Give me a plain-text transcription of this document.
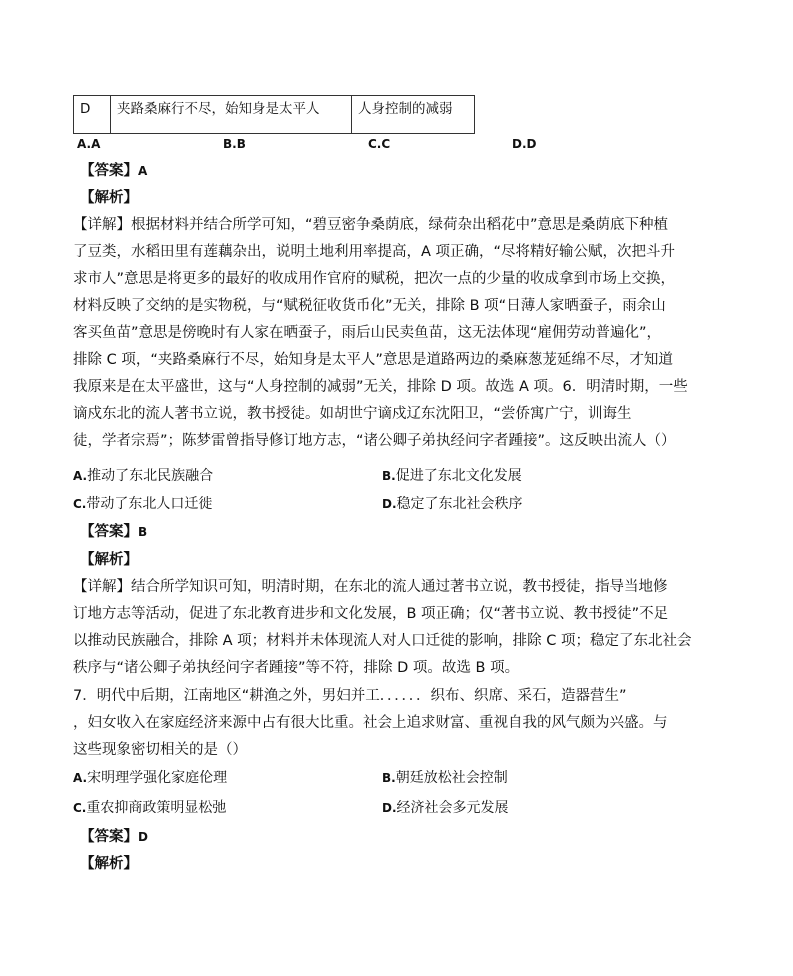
D	夹路桑麻行不尽，始知身是太平人	人身控制的减弱
A.A	B.B	C.C	D.D
【答案】A
【解析】
【详解】根据材料并结合所学可知，“碧豆密争桑荫底，绿荷杂出稻花中”意思是桑荫底下种植
了豆类，水稻田里有莲藕杂出，说明土地利用率提高，A 项正确，“尽将精好输公赋，次把斗升
求市人”意思是将更多的最好的收成用作官府的赋税，把次一点的少量的收成拿到市场上交换，
材料反映了交纳的是实物税，与“赋税征收货币化”无关，排除 B 项“日薄人家晒蚕子，雨余山
客买鱼苗”意思是傍晚时有人家在晒蚕子，雨后山民卖鱼苗，这无法体现“雇佣劳动普遍化”，
排除 C 项，“夹路桑麻行不尽，始知身是太平人”意思是道路两边的桑麻葱茏延绵不尽，才知道
我原来是在太平盛世，这与“人身控制的减弱”无关，排除 D 项。故选 A 项。6．明清时期，一些
谪戍东北的流人著书立说，教书授徒。如胡世宁谪戍辽东沈阳卫，“尝侨寓广宁，训诲生
徒，学者宗焉”；陈梦雷曾指导修订地方志，“诸公卿子弟执经问字者踵接”。这反映出流人（）
A.推动了东北民族融合	B.促进了东北文化发展
C.带动了东北人口迁徙	D.稳定了东北社会秩序
【答案】B
【解析】
【详解】结合所学知识可知，明清时期，在东北的流人通过著书立说，教书授徒，指导当地修
订地方志等活动，促进了东北教育进步和文化发展，B 项正确；仅“著书立说、教书授徒”不足
以推动民族融合，排除 A 项；材料并未体现流人对人口迁徙的影响，排除 C 项；稳定了东北社会
秩序与“诸公卿子弟执经问字者踵接”等不符，排除 D 项。故选 B 项。
7．明代中后期，江南地区“耕渔之外，男妇并工．．．．．．织布、织席、采石，造器营生”
，妇女收入在家庭经济来源中占有很大比重。社会上追求财富、重视自我的风气颇为兴盛。与
这些现象密切相关的是（）
A.宋明理学强化家庭伦理	B.朝廷放松社会控制
C.重农抑商政策明显松弛	D.经济社会多元发展
【答案】D
【解析】
